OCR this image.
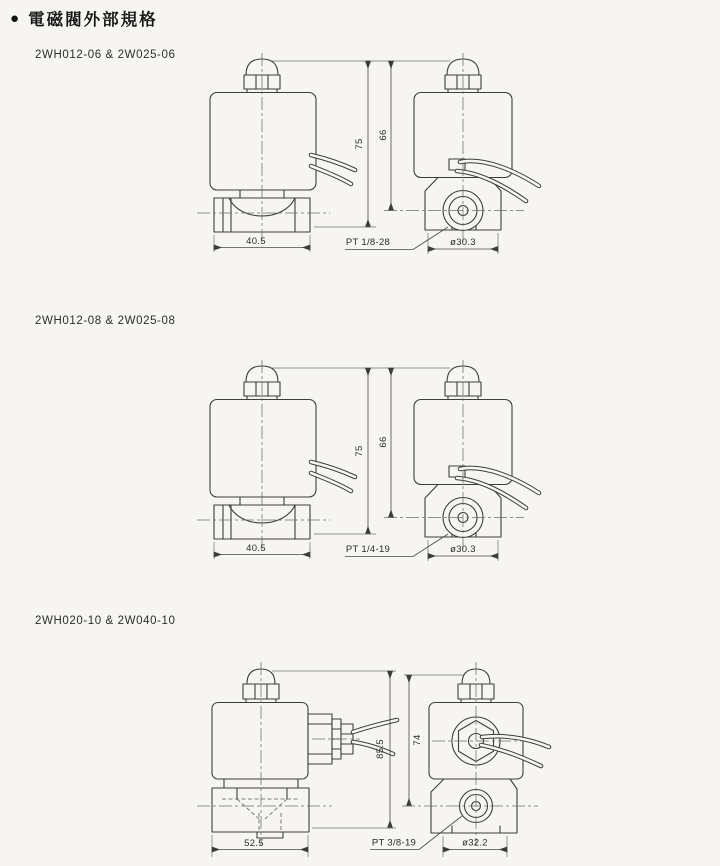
● 電磁閥外部規格
2WH012-06 & 2W025-06
40.5
75
66
ø30.3
PT 1/8-28
2WH012-08 & 2W025-08
40.5
75
66
ø30.3
PT 1/4-19
2WH020-10 & 2W040-10
52.5
85.5	74
ø32.2
PT 3/8-19
